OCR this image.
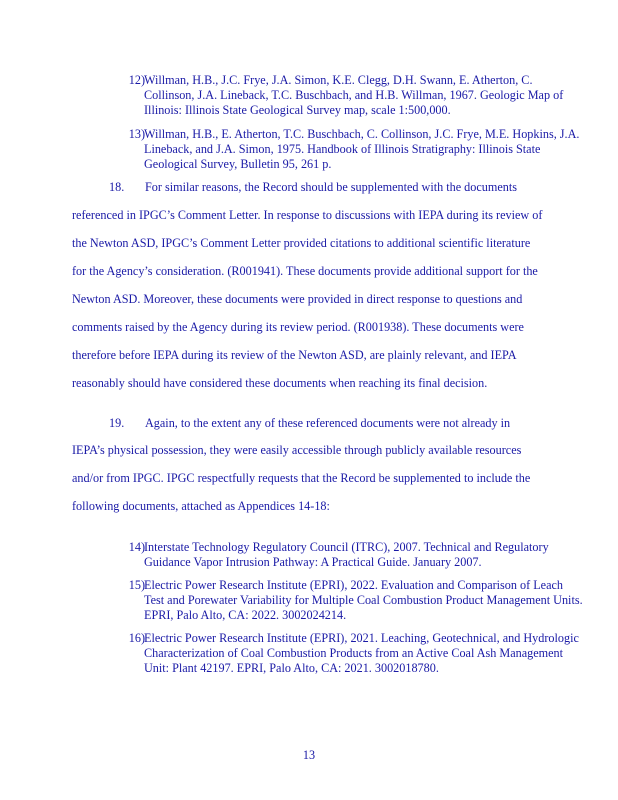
12) Willman, H.B., J.C. Frye, J.A. Simon, K.E. Clegg, D.H. Swann, E. Atherton, C. Collinson, J.A. Lineback, T.C. Buschbach, and H.B. Willman, 1967. Geologic Map of Illinois: Illinois State Geological Survey map, scale 1:500,000.
13) Willman, H.B., E. Atherton, T.C. Buschbach, C. Collinson, J.C. Frye, M.E. Hopkins, J.A. Lineback, and J.A. Simon, 1975. Handbook of Illinois Stratigraphy: Illinois State Geological Survey, Bulletin 95, 261 p.
18. For similar reasons, the Record should be supplemented with the documents
referenced in IPGC’s Comment Letter. In response to discussions with IEPA during its review of
the Newton ASD, IPGC’s Comment Letter provided citations to additional scientific literature
for the Agency’s consideration. (R001941). These documents provide additional support for the
Newton ASD. Moreover, these documents were provided in direct response to questions and
comments raised by the Agency during its review period. (R001938). These documents were
therefore before IEPA during its review of the Newton ASD, are plainly relevant, and IEPA
reasonably should have considered these documents when reaching its final decision.
19. Again, to the extent any of these referenced documents were not already in
IEPA’s physical possession, they were easily accessible through publicly available resources
and/or from IPGC. IPGC respectfully requests that the Record be supplemented to include the
following documents, attached as Appendices 14-18:
14) Interstate Technology Regulatory Council (ITRC), 2007. Technical and Regulatory Guidance Vapor Intrusion Pathway: A Practical Guide. January 2007.
15) Electric Power Research Institute (EPRI), 2022. Evaluation and Comparison of Leach Test and Porewater Variability for Multiple Coal Combustion Product Management Units. EPRI, Palo Alto, CA: 2022. 3002024214.
16) Electric Power Research Institute (EPRI), 2021. Leaching, Geotechnical, and Hydrologic Characterization of Coal Combustion Products from an Active Coal Ash Management Unit: Plant 42197. EPRI, Palo Alto, CA: 2021. 3002018780.
13
